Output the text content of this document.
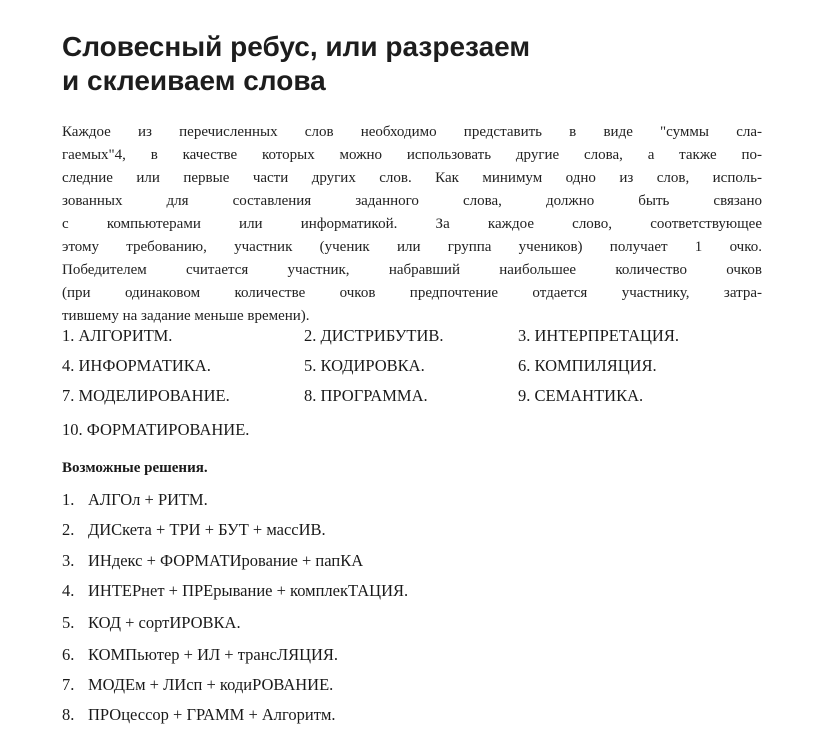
Словесный ребус, или разрезаем
и склеиваем слова
Каждое из перечисленных слов необходимо представить в виде "суммы сла-
гаемых"4, в качестве которых можно использовать другие слова, а также по-
следние или первые части других слов. Как минимум одно из слов, исполь-
зованных для составления заданного слова, должно быть связано
с компьютерами или информатикой. За каждое слово, соответствующее
этому требованию, участник (ученик или группа учеников) получает 1 очко.
Победителем считается участник, набравший наибольшее количество очков
(при одинаковом количестве очков предпочтение отдается участнику, затра-
тившему на задание меньше времени).
1. АЛГОРИТМ.	2. ДИСТРИБУТИВ.	3. ИНТЕРПРЕТАЦИЯ.
4. ИНФОРМАТИКА.	5. КОДИРОВКА.	6. КОМПИЛЯЦИЯ.
7. МОДЕЛИРОВАНИЕ.	8. ПРОГРАММА.	9. СЕМАНТИКА.
10. ФОРМАТИРОВАНИЕ.
Возможные решения.
1. АЛГОл + РИТМ.
2. ДИСкета + ТРИ + БУТ + массИВ.
3. ИНдекс + ФОРМАТИрование + папКА
4. ИНТЕРнет + ПРЕрывание + комплекТАЦИЯ.
5. КОД + сортИРОВКА.
6. КОМПьютер + ИЛ + трансЛЯЦИЯ.
7. МОДЕм + ЛИсп + кодиРОВАНИЕ.
8. ПРОцессор + ГРАММ + Алгоритм.
